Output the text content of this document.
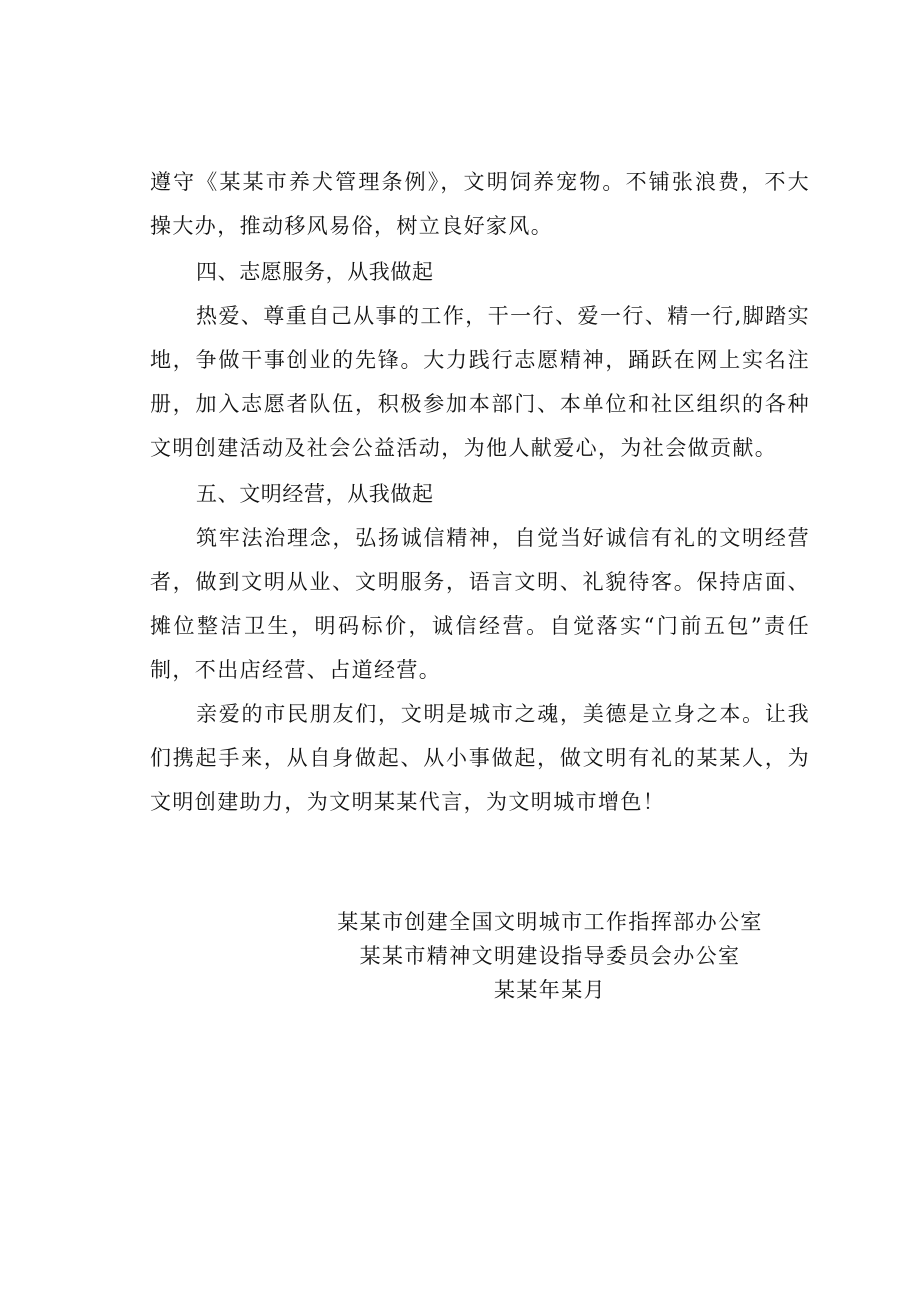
遵守《某某市养犬管理条例》，文明饲养宠物。不铺张浪费，不大操大办，推动移风易俗，树立良好家风。

四、志愿服务，从我做起

热爱、尊重自己从事的工作，干一行、爱一行、精一行,脚踏实地，争做干事创业的先锋。大力践行志愿精神，踊跃在网上实名注册，加入志愿者队伍，积极参加本部门、本单位和社区组织的各种文明创建活动及社会公益活动，为他人献爱心，为社会做贡献。

五、文明经营，从我做起

筑牢法治理念，弘扬诚信精神，自觉当好诚信有礼的文明经营者，做到文明从业、文明服务，语言文明、礼貌待客。保持店面、摊位整洁卫生，明码标价，诚信经营。自觉落实“门前五包”责任制，不出店经营、占道经营。

亲爱的市民朋友们，文明是城市之魂，美德是立身之本。让我们携起手来，从自身做起、从小事做起，做文明有礼的某某人，为文明创建助力，为文明某某代言，为文明城市增色！

某某市创建全国文明城市工作指挥部办公室
某某市精神文明建设指导委员会办公室
某某年某月
